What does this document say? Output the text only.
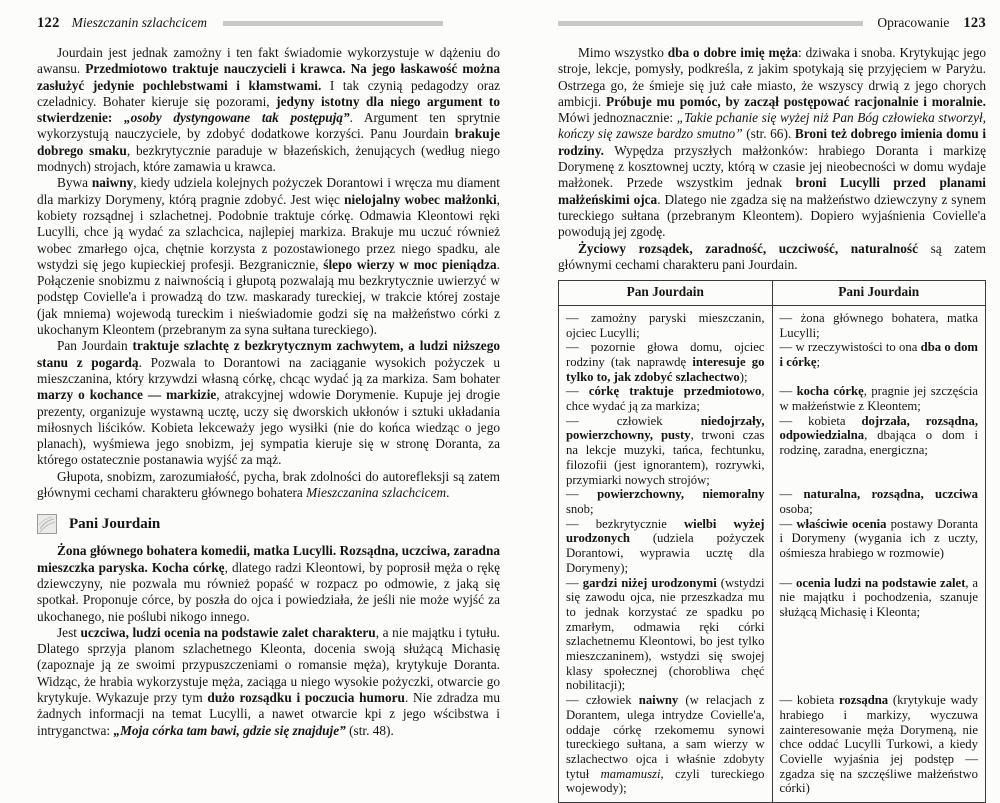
122 Mieszczanin szlachcicem

Jourdain jest jednak zamożny i ten fakt świadomie wykorzystuje w dążeniu do awansu. Przedmiotowo traktuje nauczycieli i krawca. Na jego łaskawość można zasłużyć jedynie pochlebstwami i kłamstwami. I tak czynią pedagodzy oraz czeladnicy. Bohater kieruje się pozorami, jedyny istotny dla niego argument to stwierdzenie: „osoby dystyngowane tak postępują”. Argument ten sprytnie wykorzystują nauczyciele, by zdobyć dodatkowe korzyści. Panu Jourdain brakuje dobrego smaku, bezkrytycznie paraduje w błazeńskich, żenujących (według niego modnych) strojach, które zamawia u krawca.

Bywa naiwny, kiedy udziela kolejnych pożyczek Dorantowi i wręcza mu diament dla markizy Dorymeny, którą pragnie zdobyć. Jest więc nielojalny wobec małżonki, kobiety rozsądnej i szlachetnej. Podobnie traktuje córkę. Odmawia Kleontowi ręki Lucylli, chce ją wydać za szlachcica, najlepiej markiza. Brakuje mu uczuć również wobec zmarłego ojca, chętnie korzysta z pozostawionego przez niego spadku, ale wstydzi się jego kupieckiej profesji. Bezgranicznie, ślepo wierzy w moc pieniądza. Połączenie snobizmu z naiwnością i głupotą pozwalają mu bezkrytycznie uwierzyć w podstęp Covielle'a i prowadzą do tzw. maskarady tureckiej, w trakcie której zostaje (jak mniema) wojewodą tureckim i nieświadomie godzi się na małżeństwo córki z ukochanym Kleontem (przebranym za syna sułtana tureckiego).

Pan Jourdain traktuje szlachtę z bezkrytycznym zachwytem, a ludzi niższego stanu z pogardą. Pozwala to Dorantowi na zaciąganie wysokich pożyczek u mieszczanina, który krzywdzi własną córkę, chcąc wydać ją za markiza. Sam bohater marzy o kochance — markizie, atrakcyjnej wdowie Dorymenie. Kupuje jej drogie prezenty, organizuje wystawną ucztę, uczy się dworskich ukłonów i sztuki układania miłosnych liścików. Kobieta lekceważy jego wysiłki (nie do końca wiedząc o jego planach), wyśmiewa jego snobizm, jej sympatia kieruje się w stronę Doranta, za którego ostatecznie postanawia wyjść za mąż.

Głupota, snobizm, zarozumiałość, pycha, brak zdolności do autorefleksji są zatem głównymi cechami charakteru głównego bohatera Mieszczanina szlachcicem.

Pani Jourdain

Żona głównego bohatera komedii, matka Lucylli. Rozsądna, uczciwa, zaradna mieszczka paryska. Kocha córkę, dlatego radzi Kleontowi, by poprosił męża o rękę dziewczyny, nie pozwala mu również popaść w rozpacz po odmowie, z jaką się spotkał. Proponuje córce, by poszła do ojca i powiedziała, że jeśli nie może wyjść za ukochanego, nie poślubi nikogo innego.

Jest uczciwa, ludzi ocenia na podstawie zalet charakteru, a nie majątku i tytułu. Dlatego sprzyja planom szlachetnego Kleonta, docenia swoją służącą Michasię (zapoznaje ją ze swoimi przypuszczeniami o romansie męża), krytykuje Doranta. Widząc, że hrabia wykorzystuje męża, zaciąga u niego wysokie pożyczki, otwarcie go krytykuje. Wykazuje przy tym dużo rozsądku i poczucia humoru. Nie zdradza mu żadnych informacji na temat Lucylli, a nawet otwarcie kpi z jego wścibstwa i intryganctwa: „Moja córka tam bawi, gdzie się znajduje” (str. 48).

Opracowanie 123

Mimo wszystko dba o dobre imię męża: dziwaka i snoba. Krytykując jego stroje, lekcje, pomysły, podkreśla, z jakim spotykają się przyjęciem w Paryżu. Ostrzega go, że śmieje się już całe miasto, że wszyscy drwią z jego chorych ambicji. Próbuje mu pomóc, by zaczął postępować racjonalnie i moralnie. Mówi jednoznacznie: „Takie pchanie się wyżej niż Pan Bóg człowieka stworzył, kończy się zawsze bardzo smutno” (str. 66). Broni też dobrego imienia domu i rodziny. Wypędza przyszłych małżonków: hrabiego Doranta i markizę Dorymenę z kosztownej uczty, którą w czasie jej nieobecności w domu wydaje małżonek. Przede wszystkim jednak broni Lucylli przed planami małżeńskimi ojca. Dlatego nie zgadza się na małżeństwo dziewczyny z synem tureckiego sułtana (przebranym Kleontem). Dopiero wyjaśnienia Covielle'a powodują jej zgodę.

Życiowy rozsądek, zaradność, uczciwość, naturalność są zatem głównymi cechami charakteru pani Jourdain.

Pan Jourdain	Pani Jourdain
— zamożny paryski mieszczanin, ojciec Lucylli;	— żona głównego bohatera, matka Lucylli;
— pozornie głowa domu, ojciec rodziny (tak naprawdę interesuje go tylko to, jak zdobyć szlachectwo);	— w rzeczywistości to ona dba o dom i córkę;
— córkę traktuje przedmiotowo, chce wydać ją za markiza;	— kocha córkę, pragnie jej szczęścia w małżeństwie z Kleontem;
— człowiek niedojrzały, powierzchowny, pusty, trwoni czas na lekcje muzyki, tańca, fechtunku, filozofii (jest ignorantem), rozrywki, przymiarki nowych strojów;	— kobieta dojrzała, rozsądna, odpowiedzialna, dbająca o dom i rodzinę, zaradna, energiczna;
— powierzchowny, niemoralny snob;	— naturalna, rozsądna, uczciwa osoba;
— bezkrytycznie wielbi wyżej urodzonych (udziela pożyczek Dorantowi, wyprawia ucztę dla Dorymeny);	— właściwie ocenia postawy Doranta i Dorymeny (wygania ich z uczty, ośmiesza hrabiego w rozmowie)
— gardzi niżej urodzonymi (wstydzi się zawodu ojca, nie przeszkadza mu to jednak korzystać ze spadku po zmarłym, odmawia ręki córki szlachetnemu Kleontowi, bo jest tylko mieszczaninem), wstydzi się swojej klasy społecznej (chorobliwa chęć nobilitacji);	— ocenia ludzi na podstawie zalet, a nie majątku i pochodzenia, szanuje służącą Michasię i Kleonta;
— człowiek naiwny (w relacjach z Dorantem, ulega intrydze Covielle'a, oddaje córkę rzekomemu synowi tureckiego sułtana, a sam wierzy w szlachectwo ojca i właśnie zdobyty tytuł mamamuszi, czyli tureckiego wojewody);	— kobieta rozsądna (krytykuje wady hrabiego i markizy, wyczuwa zainteresowanie męża Dorymeną, nie chce oddać Lucylli Turkowi, a kiedy Covielle wyjaśnia jej podstęp — zgadza się na szczęśliwe małżeństwo córki)
